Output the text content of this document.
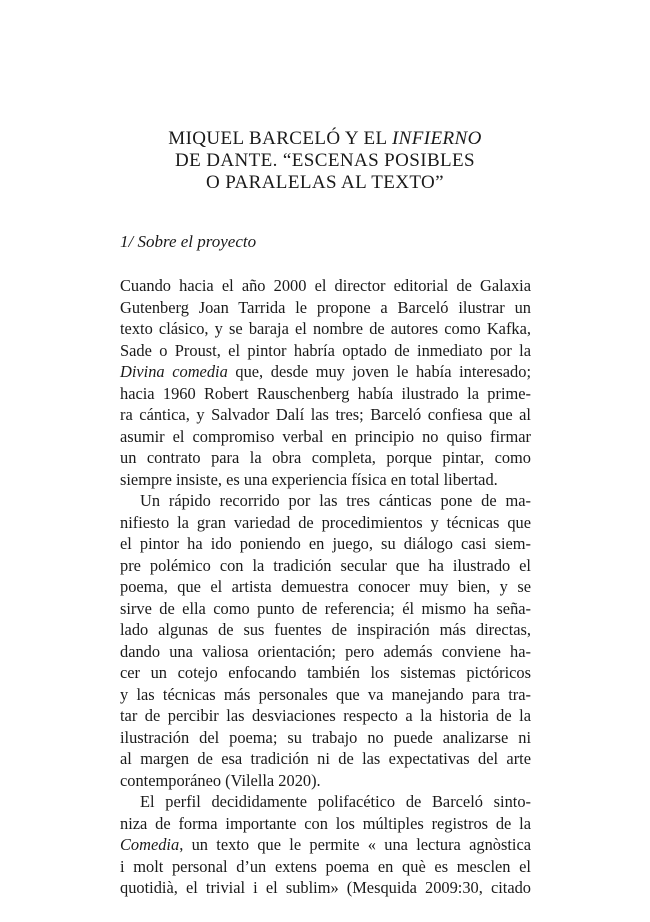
MIQUEL BARCELÓ Y EL INFIERNO
DE DANTE. “ESCENAS POSIBLES
O PARALELAS AL TEXTO”
1/ Sobre el proyecto
Cuando hacia el año 2000 el director editorial de Galaxia
Gutenberg Joan Tarrida le propone a Barceló ilustrar un
texto clásico, y se baraja el nombre de autores como Kafka,
Sade o Proust, el pintor habría optado de inmediato por la
Divina comedia que, desde muy joven le había interesado;
hacia 1960 Robert Rauschenberg había ilustrado la prime-
ra cántica, y Salvador Dalí las tres; Barceló confiesa que al
asumir el compromiso verbal en principio no quiso firmar
un contrato para la obra completa, porque pintar, como
siempre insiste, es una experiencia física en total libertad.
Un rápido recorrido por las tres cánticas pone de ma-
nifiesto la gran variedad de procedimientos y técnicas que
el pintor ha ido poniendo en juego, su diálogo casi siem-
pre polémico con la tradición secular que ha ilustrado el
poema, que el artista demuestra conocer muy bien, y se
sirve de ella como punto de referencia; él mismo ha seña-
lado algunas de sus fuentes de inspiración más directas,
dando una valiosa orientación; pero además conviene ha-
cer un cotejo enfocando también los sistemas pictóricos
y las técnicas más personales que va manejando para tra-
tar de percibir las desviaciones respecto a la historia de la
ilustración del poema; su trabajo no puede analizarse ni
al margen de esa tradición ni de las expectativas del arte
contemporáneo (Vilella 2020).
El perfil decididamente polifacético de Barceló sinto-
niza de forma importante con los múltiples registros de la
Comedia, un texto que le permite « una lectura agnòstica
i molt personal d’un extens poema en què es mesclen el
quotidià, el trivial i el sublim» (Mesquida 2009:30, citado
